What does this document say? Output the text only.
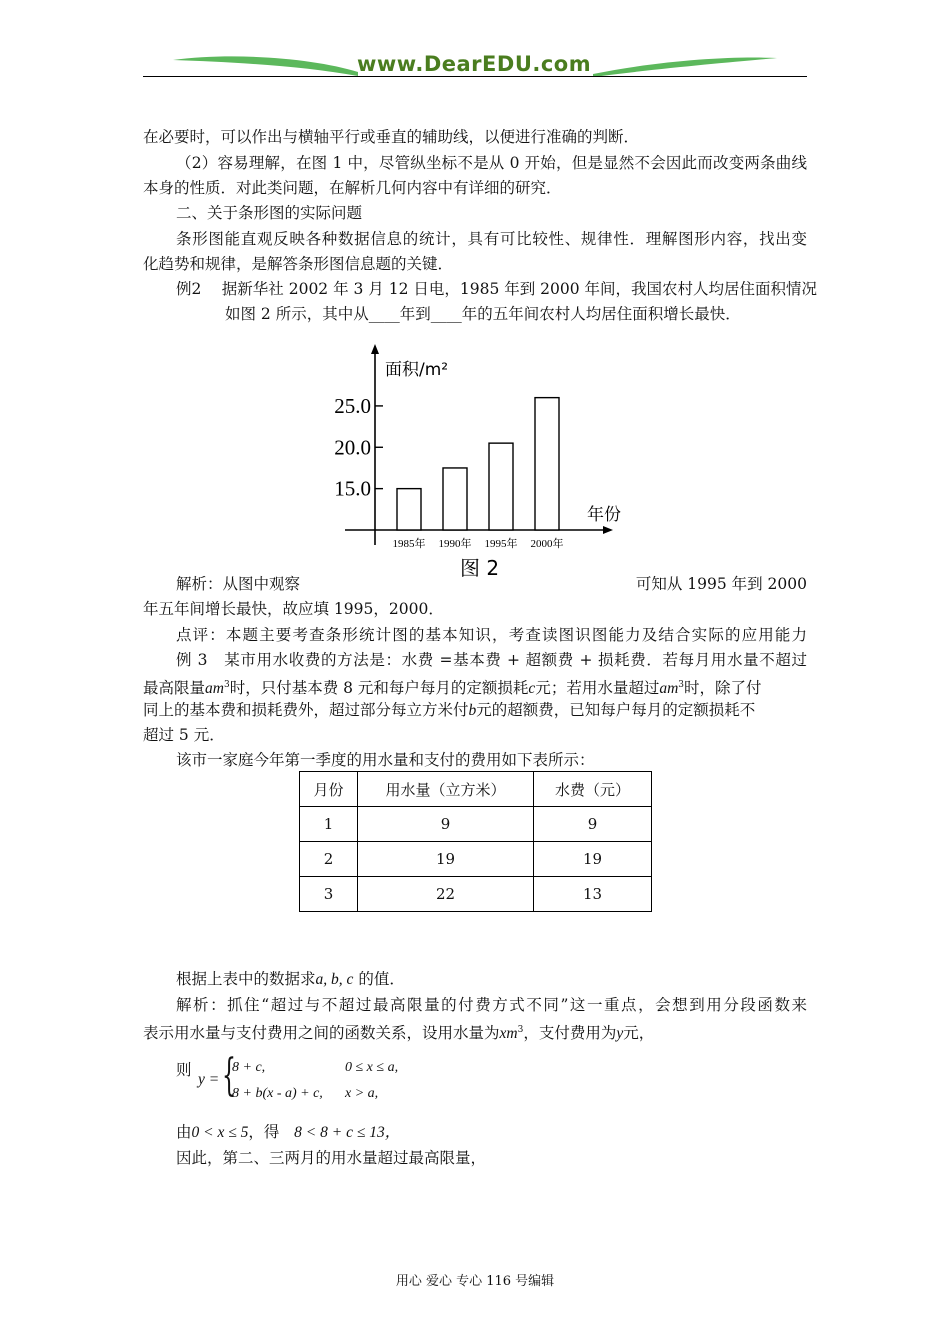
www.DearEDU.com
在必要时，可以作出与横轴平行或垂直的辅助线，以便进行准确的判断．
（2）容易理解，在图 1 中，尽管纵坐标不是从 0 开始，但是显然不会因此而改变两条曲线
本身的性质．对此类问题，在解析几何内容中有详细的研究．
二、关于条形图的实际问题
条形图能直观反映各种数据信息的统计，具有可比较性、规律性．理解图形内容，找出变
化趋势和规律，是解答条形图信息题的关键．
例2　 据新华社 2002 年 3 月 12 日电，1985 年到 2000 年间，我国农村人均居住面积情况
如图 2 所示，其中从____年到____年的五年间农村人均居住面积增长最快．
面积/m²
年份
15.0
20.0
25.0
1985年 1990年 1995年 2000年
图 2
解析：从图中观察	可知从 1995 年到 2000
年五年间增长最快，故应填 1995，2000．
点评：本题主要考查条形统计图的基本知识，考查读图识图能力及结合实际的应用能力
例 3　某市用水收费的方法是：水费 =基本费 + 超额费 + 损耗费．若每月用水量不超过
最高限量$am^3$时，只付基本费 8 元和每户每月的定额损耗c元；若用水量超过$am^3$时，除了付
同上的基本费和损耗费外，超过部分每立方米付b元的超额费，已知每户每月的定额损耗不
超过 5 元．
该市一家庭今年第一季度的用水量和支付的费用如下表所示：
月份	用水量（立方米）	水费（元）
1	9	9
2	19	19
3	22	13
根据上表中的数据求a, b, c 的值．
解析：抓住“超过与不超过最高限量的付费方式不同”这一重点，会想到用分段函数来
表示用水量与支付费用之间的函数关系，设用水量为$xm^3$，支付费用为y元，
则
y = {
8 + c,	0 ≤ x ≤ a,
8 + b(x - a) + c, x > a,
由0 < x ≤ 5，得 8 < 8 + c ≤ 13，
因此，第二、三两月的用水量超过最高限量，
用心 爱心 专心 116 号编辑
